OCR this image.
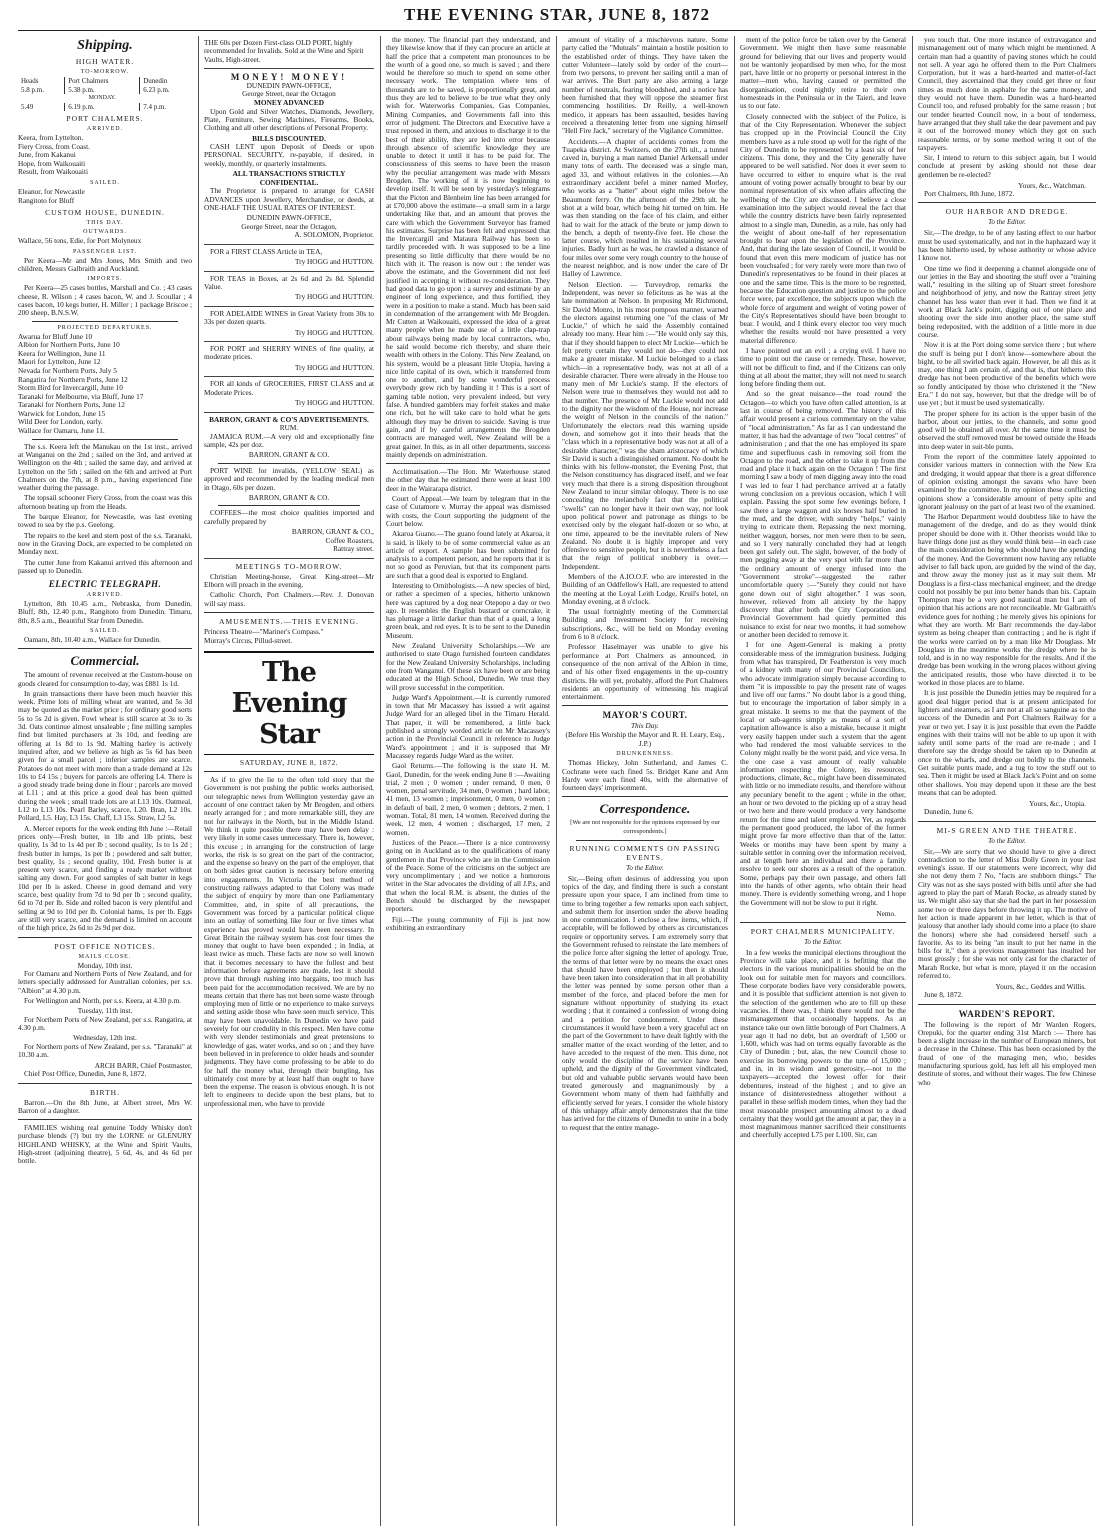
THE EVENING STAR, JUNE 8, 1872
Shipping.
HIGH WATER.
TO-MORROW.
Heads	Port Chalmers	Dunedin
5.8 p.m.	5.38 p.m.	6.23 p.m.
	MONDAY.	
5.49	6.19 p.m.	7.4 p.m.
PORT CHALMERS.
ARRIVED.
Keera, from Lyttelton.
Fiery Cross, from Coast.
June, from Kakanui
Hope, from Waikouaiti
Result, from Waikouaiti
SAILED.
Eleanor, for Newcastle
Rangitoto for Bluff
CUSTOM HOUSE, DUNEDIN.
THIS DAY.
OUTWARDS.
Wallace, 56 tons, Edie, for Port Molyneux
PASSENGER LIST.

Per Keera—Mr and Mrs Jones, Mrs Smith and two children, Messrs Galbraith and Auckland.

IMPORTS.

Per Keera—25 cases bottles, Marshall and Co. ; 43 cases cheese, R. Wilson ; 4 cases bacon, W. and J. Scoullar ; 4 cases bacon, 10 kegs butter, H. Miller ; 1 package Briscoe ; 200 sheep, B.N.S.W.

PROJECTED DEPARTURES.
Awarua for Bluff June 10
Albion for Northern Ports, June 10
Keera for Wellington, June 11
Maori for Lyttelton, June 12
Nevada for Northern Ports, July 5
Rangatira for Northern Ports, June 12
Storm Bird for Invercargill, June 10
Taranaki for Melbourne, via Bluff, June 17
Taranaki for Northern Ports, June 12
Warwick for London, June 15
Wild Deer for London, early.
Wallace for Oamaru, June 11.

The s.s. Keera left the Manukau on the 1st inst., arrived at Wanganui on the 2nd ; sailed on the 3rd, and arrived at Wellington on the 4th ; sailed the same day, and arrived at Lyttelton on the 5th ; sailed on the 6th and arrived at Port Chalmers on the 7th, at 8 p.m., having experienced fine weather during the passage.

The topsail schooner Fiery Cross, from the coast was this afternoon beating up from the Heads.

The barque Eleanor, for Newcastle, was last evening towed to sea by the p.s. Geelong.

The repairs to the keel and stern post of the s.s. Taranaki, now in the Graving Dock, are expected to be completed on Monday next.

The cutter June from Kakanui arrived this afternoon and passed up to Dunedin.

ELECTRIC TELEGRAPH.
ARRIVED.

Lyttelton, 8th 10.45 a.m., Nebraska, from Dunedin. Bluff, 8th, 12.40 p.m., Rangitoto from Dunedin. Timaru, 8th, 8.5 a.m., Beautiful Star from Dunedin.

SAILED.

Oamaru, 8th, 10.40 a.m., Wallace for Dunedin.

Commercial.

The amount of revenue received at the Custom-house on goods cleared for consumption to-day, was £881 1s 1d.

In grain transactions there have been much heavier this week. Prime lots of milling wheat are wanted, and 5s 3d may be quoted as the market price ; for ordinary good sorts 5s to 5s 2d is given. Fowl wheat is still scarce at 3s to 3s 3d. Oats continue almost unsaleable ; fine milling samples find but limited purchasers at 3s 10d, and feeding are offering at 1s 8d to 1s 9d. Malting barley is actively inquired after, and we believe as high as 5s 6d has been given for a small parcel ; inferior samples are scarce. Potatoes do not meet with more than a trade demand at 12s 10s to £4 15s ; buyers for parcels are offering L4. There is a good steady trade being done in flour ; parcels are moved at L11 ; and at this price a good deal has been quitted during the week ; small trade lots are at L13 10s. Oatmeal, L12 to L13 10s. Pearl Barley, scarce, L20. Bran, L2 10s. Pollard, L5. Hay, L3 15s. Chaff, L3 15s. Straw, L2 5s.

A. Mercer reports for the week ending 8th June :—Retail prices only—Fresh butter, in 1lb and 1lb prints, best quality, 1s 3d to 1s 4d per lb ; second quality, 1s to 1s 2d ; fresh butter in lumps, 1s per lb ; powdered and salt butter, best quality, 1s ; second quality, 10d. Fresh butter is at present very scarce, and finding a ready market without salting any down. For good samples of salt butter in kegs 10d per lb is asked. Cheese in good demand and very scarce, best quality from 7d to 9d per lb ; second quality, 6d to 7d per lb. Side and rolled bacon is very plentiful and selling at 9d to 10d per lb. Colonial hams, 1s per lb. Eggs are still very scarce, and the demand is limited on account of the high price, 2s 6d to 2s 9d per doz.

POST OFFICE NOTICES.
MAILS CLOSE.
Monday, 10th inst.

For Oamaru and Northern Ports of New Zealand, and for letters specially addressed for Australian colonies, per s.s. "Albion" at 4.30 p.m.

For Wellington and North, per s.s. Keera, at 4.30 p.m.

Tuesday, 11th inst.

For Northern Ports of New Zealand, per s.s. Rangatira, at 4.30 p.m.

Wednesday, 12th inst.

For Northern ports of New Zealand, per s.s. "Taranaki" at 10.30 a.m.

ARCH BARR, Chief Postmaster,

Chief Post Office, Dunedin, June 8, 1872.

BIRTH.

Barron.—On the 8th June, at Albert street, Mrs W. Barron of a daughter.

FAMILIES wishing real genuine Toddy Whisky don't purchase blends (?) but try the LORNE or GLENURY HIGHLAND WHISKY, at the Wine and Spirit Vaults, High-street (adjoining theatre), 5 6d, 4s, and 4s 6d per bottle.

THE 60s per Dozen First-class OLD PORT, highly recommended for Invalids. Sold at the Wine and Spirit Vaults, High-street.
MONEY! MONEY!
DUNEDIN PAWN-OFFICE,
George Street, near the Octagon
MONEY ADVANCED

Upon Gold and Silver Watches, Diamonds, Jewellery, Plate, Furniture, Sewing Machines, Firearms, Books, Clothing and all other descriptions of Personal Property.

BILLS DISCOUNTED.

CASH LENT upon Deposit of Deeds or upon PERSONAL SECURITY, re-payable, if desired, in weekly, monthly, or quarterly instalments.

ALL TRANSACTIONS STRICTLY CONFIDENTIAL.

The Proprietor is prepared to arrange for CASH ADVANCES upon Jewellery, Merchandise, or deeds, at ONE-HALF THE USUAL RATES OF INTEREST.

DUNEDIN PAWN-OFFICE,
George Street, near the Octagon,
A. SOLOMON, Proprietor.

FOR a FIRST CLASS Article in TEA,

Try HOGG and HUTTON.

FOR TEAS in Boxes, at 2s 6d and 2s 8d. Splendid Value.

Try HOGG and HUTTON.

FOR ADELAIDE WINES in Great Variety from 30s to 33s per dozen quarts.

Try HOGG and HUTTON.

FOR PORT and SHERRY WINES of fine quality, at moderate prices.

Try HOGG and HUTTON.

FOR all kinds of GROCERIES, FIRST CLASS and at Moderate Prices.

Try HOGG and HUTTON.
BARRON, GRANT & CO'S ADVERTISEMENTS.
RUM.

JAMAICA RUM.—A very old and exceptionally fine sample, 42s per doz.

BARRON, GRANT & CO.

PORT WINE for invalids, (YELLOW SEAL) as approved and recommended by the leading medical men in Otago, 60s per dozen.

BARRON, GRANT & CO.

COFFEES—the most choice qualities imported and carefully prepared by

BARRON, GRANT & CO.,
Coffee Roasters,
Rattray street.
MEETINGS TO-MORROW.

Christian Meeting-house, Great King-street—Mr Elborn will preach in the evening.

Catholic Church, Port Chalmers.—Rev. J. Donovan will say mass.

AMUSEMENTS.—THIS EVENING.
Princess Theatre—"Mariner's Compass."
Murray's Circus, Pillud-street.
The Evening Star
SATURDAY, JUNE 8, 1872.

As if to give the lie to the often told story that the Government is not pushing the public works authorised, our telegraphic news from Wellington yesterday gave an account of one contract taken by Mr Brogden, and others nearly arranged for ; and more remarkable still, they are not for railways in the North, but in the Middle Island. We think it quite possible there may have been delay : very likely in some cases unnecessary. There is, however, this excuse ; in arranging for the construction of large works, the risk is so great on the part of the contractor, and the expense so heavy on the part of the employer, that on both sides great caution is necessary before entering into engagements. In Victoria the best method of constructing railways adapted to that Colony was made the subject of enquiry by more than one Parliamentary Committee, and, in spite of all precautions, the Government was forced by a particular political clique into an outlay of something like four or five times what experience has proved would have been necessary. In Great Britain the railway system has cost four times the money that ought to have been expended ; in India, at least twice as much. These facts are now so well known that it becomes necessary to have the fullest and best information before agreements are made, lest it should prove that through rushing into bargains, too much has been paid for the accommodation received. We are by no means certain that there has not been some waste through employing men of little or no experience to make surveys and setting aside those who have seen much service. This may have been unavoidable. In Dunedin we have paid severely for our credulity in this respect. Men have come with very slender testimonials and great pretensions to knowledge of gas, water works, and so on ; and they have been believed in in preference to older heads and sounder judgments. They have come professing to be able to do for half the money what, through their bungling, has ultimately cost more by at least half than ought to have been the expense. The reason is obvious enough. It is not left to engineers to decide upon the best plans, but to unprofessional men, who have to provide

the money. The financial part they understand, and they likewise know that if they can procure an article at half the price that a competent man pronounces to be the worth of a good one, so much is saved ; and there would be therefore so much to spend on some other necessary work. The temptation where tens of thousands are to be saved, is proportionally great, and thus they are led to believe to be true what they only wish for. Waterworks Companies, Gas Companies, Mining Companies, and Governments fall into this error of judgment. The Directors and Executive have a trust reposed in them, and anxious to discharge it to the best of their ability, they are led into error because through absence of scientific knowledge they are unable to detect it until it has to be paid for. The consciousness of this seems to have been the reason why the peculiar arrangement was made with Messrs Brogden. The working of it is now beginning to develop itself. It will be seen by yesterday's telegrams that the Picton and Blenheim line has been arranged for at £70,000 above the estimate—a small sum in a large undertaking like that, and an amount that proves the care with which the Government Surveyor has framed his estimates. Surprise has been felt and expressed that the Invercargill and Mataura Railway has been so tardily proceeded with. It was supposed to be a line presenting so little difficulty that there would be no hitch with it. The reason is now out : the tender was above the estimate, and the Government did not feel justified in accepting it without re-consideration. They had good data to go upon : a survey and estimate by an engineer of long experience, and thus fortified, they were in a position to make a stand. Much has been said in condemnation of the arrangement with Mr Brogden. Mr Cutten at Waikouaiti, expressed the idea of a great many people when he made use of a little clap-trap about railways being made by local contractors, who, he said would become rich thereby, and share their wealth with others in the Colony. This New Zealand, on his system, would be a pleasant little Utopia, having a nice little capital of its own, which it transferred from one to another, and by some wonderful process everybody grew rich by handling it ! This is a sort of gaming table notion, very prevalent indeed, but very false. A hundred gamblers may forfeit stakes and make one rich, but he will take care to hold what he gets although they may be driven to suicide. Saving is true gain, and if by careful arrangements the Brogden contracts are managed well, New Zealand will be a great gainer. In this, as in all other departments, success mainly depends on administration.

Acclimatisation.—The Hon. Mr Waterhouse stated the other day that he estimated there were at least 100 deer in the Wairarapa district.

Court of Appeal.—We learn by telegram that in the case of Cutamore v. Murray the appeal was dismissed with costs, the Court supporting the judgment of the Court below.

Akaroa Guano.—The guano found lately at Akaroa, it is said, is likely to be of some commercial value as an article of export. A sample has been submitted for analysis to a competent person, and he reports that it is not so good as Peruvian, but that its component parts are such that a good deal is exported to England.

Interesting to Ornithologists.—A new species of bird, or rather a specimen of a species, hitherto unknown here was captured by a dog near Otepopo a day or two ago. It resembles the English bustard or corncrake, it has plumage a little darker than that of a quail, a long green beak, and red eyes. It is to be sent to the Dunedin Museum.

New Zealand University Scholarships.—We are authorised to state Otago furnished fourteen candidates for the New Zealand University Scholarships, including one from Wanganui. Of these six have been or are being educated at the High School, Dunedin. We trust they will prove successful in the competition.

Judge Ward's Appointment.—It is currently rumored in town that Mr Macassey has issued a writ against Judge Ward for an alleged libel in the Timaru Herald. That paper, it will be remembered, a little back published a strongly worded article on Mr Macassey's action in the Provincial Council in reference to Judge Ward's appointment ; and it is supposed that Mr Macassey regards Judge Ward as the writer.

Gaol Returns.—The following is the state H. M. Gaol, Dunedin, for the week ending June 8 :—Awaiting trial, 2 men ; 0 women ; under remand, 0 men, 0 women, penal servitude, 34 men, 0 women ; hard labor, 41 men, 13 women ; imprisonment, 0 men, 0 women ; in default of bail, 2 men, 0 women ; debtors, 2 men, 1 woman. Total, 81 men, 14 women. Received during the week, 12 men, 4 women ; discharged, 17 men, 2 women.

Justices of the Peace.—There is a nice controversy going on in Auckland as to the qualifications of many gentlemen in that Province who are in the Commission of the Peace. Some of the criticisms on the subject are very uncomplimentary ; and we notice a humorous writer in the Star advocates the dividing of all J.P.s, and that when the local R.M. is absent, the duties of the Bench should be discharged by the newspaper reporters.

Fiji.—The young community of Fiji is just now exhibiting an extraordinary

amount of vitality of a mischievous nature. Some party called the "Mutuals" maintain a hostile position to the established order of things. They have taken the cutter Volunteer—lately sold by order of the court—from two persons, to prevent her sailing until a man of war arrives. The Burt party are also arming a large number of neutrals, fearing bloodshed, and a notice has been furnished that they will oppose the steamer first commencing hostilities. Dr Reilly, a well-known medico, it appears has been assaulted, besides having received a threatening letter from one signing himself "Hell Fire Jack," secretary of the Vigilance Committee.

Accidents.—A chapter of accidents comes from the Tuapeka district. At Switzers, on the 27th ult., a tunnel caved in, burying a man named Daniel Arkensall under many tons of earth. The deceased was a single man, aged 33, and without relatives in the colonies.—An extraordinary accident befel a miner named Morley, who works as a "hatter" about eight miles below the Beaumont ferry. On the afternoon of the 29th ult. he shot at a wild boar, which being hit turned on him. He was then standing on the face of his claim, and either had to wait for the attack of the brute or jump down to the bench, a depth of twenty-five feet. He chose the latter course, which resulted in his sustaining several injuries. Badly hurt as he was, he crawled a distance of four miles over some very rough country to the house of the nearest neighbor, and is now under the care of Dr Halley of Lawrence.

Nelson Election. — Turveydrop, remarks the Independent, was never so felicitous as he was at the late nomination at Nelson. In proposing Mr Richmond, Sir David Monro, in his most pompous manner, warned the electors against returning one "of the class of Mr Luckie," of which he said the Assembly contained already too many. Hear him :—"He would only say this, that if they should happen to elect Mr Luckie—which he felt pretty certain they would not do—they could not make a greater mistake. M Luckie belonged to a class which—in a representative body, was not at all of a desirable character. There were already in the House too many men of Mr Luckie's stamp. If the electors of Nelson were true to themselves they would not add to that number. The presence of Mr Luckie would not add to the dignity nor the wisdom of the House, nor increase the weight of Nelson in the councils of the nation." Unfortunately the electors read this warning upside down, and somehow got it into their heads that the "class which in a representative body was not at all of a desirable character," was the sham aristocracy of which Sir David is such a distinguished ornament. No doubt he thinks with his fellow-monster, the Evening Post, that the Nelson constituency has disgraced itself, and we fear very much that there is a strong disposition throughout New Zealand to incur similar obloquy. There is no use concealing the melancholy fact that the political "swells" can no longer have it their own way, nor look upon political power and patronage as things to be exercised only by the elegant half-dozen or so who, at one time, appeared to be the inevitable rulers of New Zealand. No doubt it is highly improper and very offensive to sensitive people, but it is nevertheless a fact that the reign of political snobbery is over.—Independent.

Members of the A.IO.O.F. who are interested in the Building of an Oddfellow's Hall, are requested to attend the meeting at the Loyal Leith Lodge, Kruil's hotel, on Monday evening, at 8 o'clock.

The usual fortnightly meeting of the Commercial Building and Investment Society for receiving subscriptions, &c., will be held on Monday evening from 6 to 8 o'clock.

Professor Haselmayer was unable to give his performance at Port Chalmers as announced, in consequence of the non arrival of the Albion in time, and of his other fixed engagements in the up-country districts. He will yet, probably, afford the Port Chalmers residents an opportunity of witnessing his magical entertainment.

MAYOR'S COURT.
This Day.
(Before His Worship the Mayor and R. H. Leary, Esq., J.P.)
DRUNKENNESS.

Thomas Hickey, John Sutherland, and James C. Cochrane were each fined 5s. Bridget Kane and Ann Hardy were each fined 40s, with the alternative of fourteen days' imprisonment.

Correspondence.
[We are not responsible for the opinions expressed by our correspondents.]
RUNNING COMMENTS ON PASSING EVENTS.
To the Editor.

Sir,—Being often desirous of addressing you upon topics of the day, and finding there is such a constant pressure upon your space, I am inclined from time to time to bring together a few remarks upon each subject, and submit them for insertion under the above heading in one communication. I enclose a few items, which, if acceptable, will be followed by others as circumstances require or opportunity serves. I am extremely sorry that the Government refused to reinstate the late members of the police force after signing the letter of apology. True, the terms of that letter were by no means the exact ones that should have been employed ; but then it should have been taken into consideration that in all probability the letter was penned by some person other than a member of the force, and placed before the men for signature without opportunity of studying its exact wording ; that it contained a confession of wrong doing and a petition for condonement. Under these circumstances it would have been a very graceful act on the part of the Government to have dealt lightly with the smaller matter of the exact wording of the letter, and to have acceded to the request of the men. This done, not only would the discipline of the service have been upheld, and the dignity of the Government vindicated, but old and valuable public servants would have been treated generously and magnanimously by a Government whom many of them had faithfully and efficiently served for years. I consider the whole history of this unhappy affair amply demonstrates that the time has arrived for the citizens of Dunedin to unite in a body to request that the entire manage-

ment of the police force be taken over by the General Government. We might then have some reasonable ground for believing that our lives and property would not be wantonly jeopardised by men who, for the most part, have little or no property or personal interest in the matter—men who, having caused or permitted the disorganisation, could nightly retire to their own homesteads in the Peninsula or in the Taieri, and leave us to our fate.

Closely connected with the subject of the Police, is that of the City Representation. Whenever the subject has cropped up in the Provincial Council the City members have as a rule stood up well for the right of the City of Dunedin to be represented by a least six of her citizens. This done, they and the City generally have appeared to be well satisfied. Nor does it ever seem to have occurred to either to enquire what is the real amount of voting power actually brought to bear by our nominal representation of six when affairs affecting the wellbeing of the City are discussed. I believe a close examination into the subject would reveal the fact that while the country districts have been fairly represented almost to a single man, Dunedin, as a rule, has only had the weight of about one-half of her representation brought to bear upon the legislation of the Province. And, that during the late session of Council, it would be found that even this mere modicum of justice has not been vouchsafed ; for very rarely were more than two of Dunedin's representatives to be found in their places at one and the same time. This is the more to be regretted, because the Education question and justice to the police force were, par excellence, the subjects upon which the whole force of argument and weight of voting power of the City's Representatives should have been brought to bear. I would, and I think every elector too very much whether the results would not have presented a very material difference.

I have pointed out an evil ; a crying evil. I have no time to point out the cause or remedy. These, however, will not be difficult to find, and if the Citizens can only thing at all about the matter, they will not need to search long before finding them out.

And so the great nuisance—the road round the Octagon—to which you have often called attention, is at last in course of being removed. The history of this affair would present a curious commentary on the value of "local administration." As far as I can understand the matter, it has had the advantage of two "local centres" of administration ; and that the one has employed its spare time and superfluous cash in removing soil from the Octagon to the road, and the other to take it up from the road and place it back again on the Octagon ! The first morning I saw a body of men digging away into the road I was led to fear I had perchance arrived at a fatally wrong conclusion on a previous occasion, which I will explain. Passing the spot some few evenings before, I saw there a large waggon and six horses half buried in the mud, and the driver, with sundry "helps," vainly trying to extricate them. Repassing the next morning, neither waggon, horses, nor men were then to be seen, and so I very naturally concluded they had at length been got safely out. The sight, however, of the body of men pegging away at the very spot with far more than the ordinary amount of energy infused into the "Government stroke"—suggested the rather uncomfortable query :—"Surely they could not have gone down out of sight altogether." I was soon, however, relieved from all anxiety by the happy discovery that after both the City Corporation and Provincial Government had quietly permitted this nuisance to exist for near two months, it had somehow or another been decided to remove it.

I for one Agent-General is making a pretty considerable mess of the immigration business. Judging from what has transpired, Dr Featherston is very much of a kidney with many of our Provincial Councillors, who advocate immigration simply because according to them "it is impossible to pay the present rate of wages and live off our farms." No doubt labor is a good thing, but to encourage the importation of labor simply in a great mistake. It seems to me that the payment of the local or sub-agents simply as means of a sort of capitation allowance is also a mistake, because it might very easily happen under such a system that the agent who had rendered the most valuable services to the Colony might really be the worst paid, and vice versa. In the one case a vast amount of really valuable information respecting the Colony, its resources, productions, climate, &c., might have been disseminated with little or no immediate results, and therefore without any pecuniary benefit to the agent ; while in the other, an hour or two devoted to the picking up of a stray head or two here and there would produce a very handsome return for the time and talent employed. Yet, as regards the permanent good produced, the labor of the former might prove far more effective than that of the latter. Weeks or months may have been spent by many a suitable settler in conning over the information received, and at length here an individual and there a family resolve to seek our shores as a result of the operation. Some, perhaps pay their own passage, and others fall into the hands of other agents, who obtain their head money. There is evidently something wrong, and I hope the Government will not be slow to put it right.

Nemo.
PORT CHALMERS MUNICIPALITY.
To the Editor.

In a few weeks the municipal elections throughout the Province will take place, and it is befitting that the electors in the various municipalities should be on the look out for suitable men for mayors and councillors. These corporate bodies have very considerable powers, and it is possible that sufficient attention is not given to the selection of the gentlemen who are to fill up these vacancies. If there was, I think there would not be the mismanagement that occasionally happens. As an instance take our own little borough of Port Chalmers. A year ago it had no debt, but an overdraft of 1,500 or 1,600, which was had on terms equally favorable as the City of Dunedin ; but, alas, the new Council chose to exercise its borrowing powers to the tune of 15,000 ; and in, in its wisdom and generosity,—not to the taxpayers—accepted the lowest offer for their debentures, instead of the highest ; and to give an instance of disinterestedness altogether without a parallel in these selfish modern times, when they had the most reasonable prospect amounting almost to a dead certainty that they would get the amount at par, they in a most magnanimous manner sacrificed their constituents and cheerfully accepted L75 per L100. Sir, can

you touch that. One more instance of extravagance and mismanagement out of many which might be mentioned. A certain man had a quantity of paving stones which he could not sell. A year ago he offered them to the Port Chalmers Corporation, but it was a hard-hearted and matter-of-fact Council, they ascertained that they could get three or four times as much done in asphalte for the same money, and they would not have them. Dunedin was a hard-hearted Council too, and refused probably for the same reason ; but our tender hearted Council now, in a bout of tenderness, have arranged that they shall take the dear pavement and pay it out of the borrowed money which they got on such reasonable terms, or by some method wring it out of the taxpayers.

Sir, I intend to return to this subject again, but I would conclude at present by asking should not these dear gentlemen be re-elected?

Yours, &c., Watchman.

Port Chalmers, 8th June, 1872.

OUR HARBOR AND DREDGE.
To the Editor.

Sir,—The dredge, to be of any lasting effect to our harbor must be used systematically, and not in the haphazard way it has been hitherto used, by whose authority or whose advice I know not.

One time we find it deepening a channel alongside one of our jetties in the Bay and shooting the stuff over a "training wall," resulting in the silting up of Stuart street foreshore and neighborhood of jetty, and now the Rattray street jetty channel has less water than ever it had. Then we find it at work at Black Jack's point, digging out of one place and shooting over the side into another place, the same stuff being redeposited, with the addition of a little more in due course.

Now it is at the Port doing some service there ; but where the stuff is being put I don't know—somewhere about the bight, to be all swirled back again. However, be all this as it may, one thing I am certain of, and that is, that hitherto this dredge has not been productive of the benefits which were so fondly anticipated by those who christened it the "New Era." I do not say, however, but that the dredge will be of use yet ; but it must be used systematically.

The proper sphere for its action is the upper basin of the harbor, about our jetties, to the channels, and some good good will be obtained all over. At the same time it must be observed the stuff removed must be towed outside the Heads into deep water in suit-ble punts.

From the report of the committee lately appointed to consider various matters in connection with the New Era and dredging, it would appear that there is a great difference of opinion existing amongst the savans who have been examined by the committee. In my opinion these conflicting opinions show a 'considerable amount of petty spite and ignorant jealousy on the part of at least two of the examined.

The Harbor Department would doubtless like to have the management of the dredge, and do as they would think proper should be done with it. Other theorists would like to have things done just as they would think best—in each case the main consideration being who should have the spending of the money. And the Government now having any reliable adviser to fall back upon, are guided by the wind of the day, and throw away the money just as it may suit them. Mr Douglass is a first-class mechanical engineer, and the dredge could not possibly be put into better hands than his. Captain Thompson may be a very good nautical man but I am of opinion that his actions are not reconcileable. Mr Galbraith's evidence goes for nothing ; he merely gives his opinions for what they are worth. Mr Barr recommends the day-labor system as being cheaper than contracting ; and he is right if the works were carried on by a man like Mr Douglass. Mr Douglass in the meantime works the dredge where he is told, and is in no way responsible for the results. And if the dredge has been working in the wrong places without giving the anticipated results, those who have directed it to be worked in those places are to blame.

It is just possible the Dunedin jetties may be required for a good deal bigger period that is at present anticipated for lighters and steamers, as I am not at all so sanguine as to the success of the Dunedin and Port Chalmers Railway for a year or two yet. I say it is just possible that even the Paddle engines with their trains will not be able to up upon it with safety until some parts of the road are re-made ; and I therefore say the dredge should be taken up to Dunedin at once to the wharfs, and dredge out boldly to the channels. Get suitable punts made, and a tug to tow the stuff out to sea. Then it might be used at Black Jack's Point and on some other shallows. You may depend upon it these are the best means that can be adopted.

Yours, &c., Utopia.

Dunedin, June 6.

MI-S GREEN AND THE THEATRE.
To the Editor.

Sir,—We are sorry that we should have to give a direct contradiction to the letter of Miss Dolly Green in your last evening's issue. If our statements were incorrect, why did she not deny them ? No, "facts are stubborn things." The City was not as she says posted with bills until after she had agreed to play the part of Marah Rocke, as already stated by us. We might also say that she had the part in her possession some two or three days before throwing it up. The motive of her action is made apparent in her letter, which is that of jealousy that another lady should come into a place (to share the honors) where she had considered herself such a favorite. As to its being "an insult to put her name in the bills for it," then a previous management has insulted her most grossly ; for she was not only cast for the character of Marah Rocke, but what is more, played it on the occasion referred to.

Yours, &c., Geddes and Willis.

June 8, 1872.

WARDEN'S REPORT.

The following is the report of Mr Warden Rogers, Orepuki, for the quarter ending 31st March :— There has been a slight increase in the number of European miners, but a decrease in the Chinese. This has been occasioned by the fraud of one of the managing men, who, besides manufacturing spurious gold, has left all his employed men destitute of stores, and without their wages. The few Chinese who
